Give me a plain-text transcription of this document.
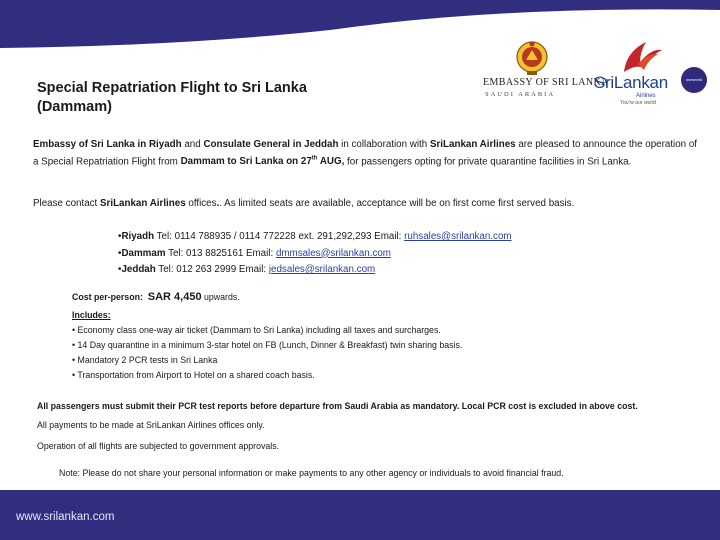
Special Repatriation Flight to Sri Lanka
(Dammam)
EMBASSY OF SRI LANKA
SAUDI ARABIA
SriLankan
Airlines
You're our world
oneworld
Embassy of Sri Lanka in Riyadh and Consulate General in Jeddah in collaboration with SriLankan Airlines are pleased to announce the operation of a Special Repatriation Flight from Dammam to Sri Lanka on 27th AUG, for passengers opting for private quarantine facilities in Sri Lanka.
Please contact SriLankan Airlines offices.. As limited seats are available, acceptance will be on first come first served basis.
•Riyadh Tel: 0114 788935 / 0114 772228 ext. 291,292,293 Email: ruhsales@srilankan.com
•Dammam Tel: 013 8825161 Email: dmmsales@srilankan.com
•Jeddah Tel: 012 263 2999 Email: jedsales@srilankan.com
Cost per-person: SAR 4,450 upwards.
Includes:
• Economy class one-way air ticket (Dammam to Sri Lanka) including all taxes and surcharges.
• 14 Day quarantine in a minimum 3-star hotel on FB (Lunch, Dinner & Breakfast) twin sharing basis.
• Mandatory 2 PCR tests in Sri Lanka
• Transportation from Airport to Hotel on a shared coach basis.
All passengers must submit their PCR test reports before departure from Saudi Arabia as mandatory. Local PCR cost is excluded in above cost.
All payments to be made at SriLankan Airlines offices only.
Operation of all flights are subjected to government approvals.
Note: Please do not share your personal information or make payments to any other agency or individuals to avoid financial fraud.
www.srilankan.com
